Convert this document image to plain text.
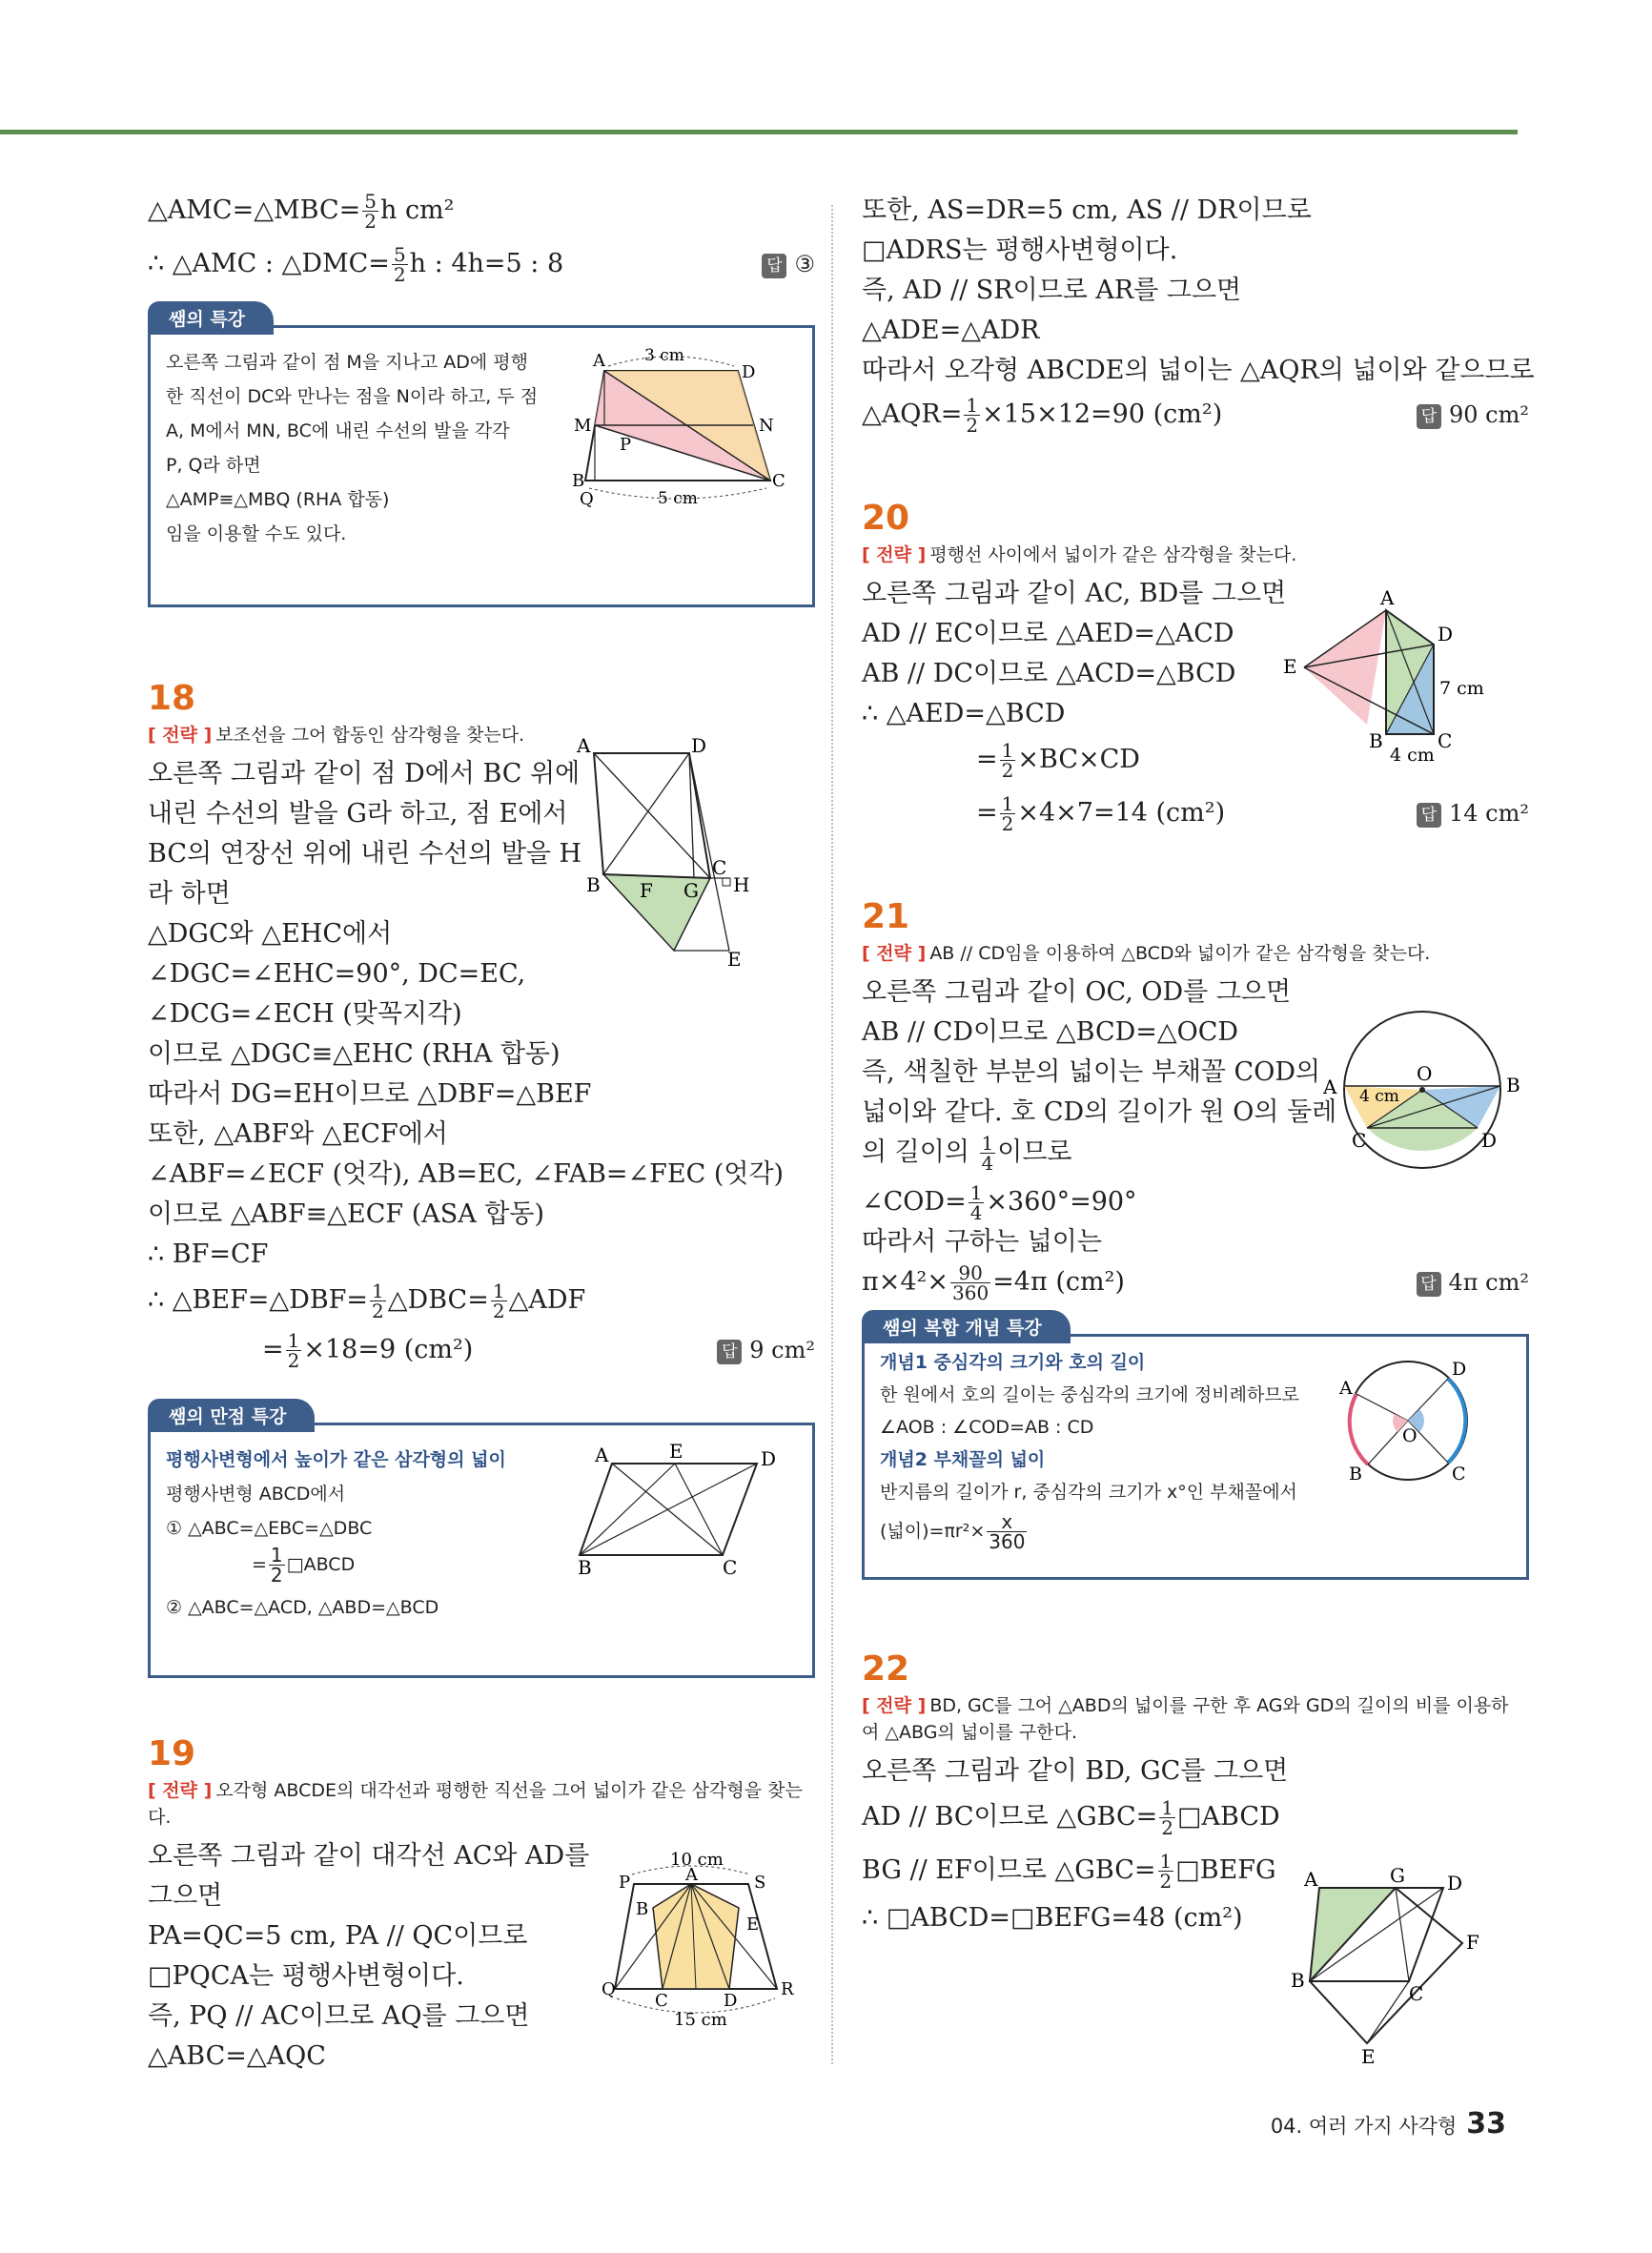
△AMC=△MBC= $\frac{5}{2}$ h cm²

∴ △AMC : △DMC= $\frac{5}{2}$ h : 4h=5 : 8	답 ③

쌤의 특강
오른쪽 그림과 같이 점 M을 지나고 AD에 평행
한 직선이 DC와 만나는 점을 N이라 하고, 두 점
A, M에서 MN, BC에 내린 수선의 발을 각각
P, Q라 하면
△AMP≡△MBQ (RHA 합동)
임을 이용할 수도 있다.
A
D
M	N
P
B
Q
C
3 cm
5 cm
18
[ 전략 ] 보조선을 그어 합동인 삼각형을 찾는다.

오른쪽 그림과 같이 점 D에서 BC 위에

내린 수선의 발을 G라 하고, 점 E에서

BC의 연장선 위에 내린 수선의 발을 H

라 하면

△DGC와 △EHC에서

∠DGC=∠EHC=90°, DC=EC,

∠DCG=∠ECH (맞꼭지각)

이므로 △DGC≡△EHC (RHA 합동)

따라서 DG=EH이므로 △DBF=△BEF

또한, △ABF와 △ECF에서

∠ABF=∠ECF (엇각), AB=EC, ∠FAB=∠FEC (엇각)

이므로 △ABF≡△ECF (ASA 합동)

∴ BF=CF

∴ △BEF=△DBF= $\frac{1}{2}$ △DBC= $\frac{1}{2}$ △ADF

= $\frac{1}{2} \times 18=9$ (cm²)	답 9 cm²

A	D
B F G
C
H
E
쌤의 만점 특강
평행사변형에서 높이가 같은 삼각형의 넓이
평행사변형 ABCD에서
① △ABC=△EBC=△DBC
= $\frac{1}{2}$ □ABCD
② △ABC=△ACD, △ABD=△BCD
A	E	D
B	C
19
[ 전략 ] 오각형 ABCDE의 대각선과 평행한 직선을 그어 넓이가 같은 삼각형을 찾는다.

오른쪽 그림과 같이 대각선 AC와 AD를

그으면

PA=QC=5 cm, PA // QC이므로

□PQCA는 평행사변형이다.

즉, PQ // AC이므로 AQ를 그으면

△ABC=△AQC

10 cm
P	A	S
B
E
Q
C	D
R
15 cm

또한, AS=DR=5 cm, AS // DR이므로

□ADRS는 평행사변형이다.

즉, AD // SR이므로 AR를 그으면

△ADE=△ADR

따라서 오각형 ABCDE의 넓이는 △AQR의 넓이와 같으므로

△AQR= $\frac{1}{2} \times 15\times 12=90$ (cm²)	답 90 cm²

20
[ 전략 ] 평행선 사이에서 넓이가 같은 삼각형을 찾는다.

오른쪽 그림과 같이 AC, BD를 그으면

AD // EC이므로 △AED=△ACD

AB // DC이므로 △ACD=△BCD

∴ △AED=△BCD

= $\frac{1}{2} \times BC\times CD$

= $\frac{1}{2} \times 4\times 7=14$ (cm²)	답 14 cm²

A
D
E
B	C
7 cm
4 cm
21
[ 전략 ] AB // CD임을 이용하여 △BCD와 넓이가 같은 삼각형을 찾는다.

오른쪽 그림과 같이 OC, OD를 그으면

AB // CD이므로 △BCD=△OCD

즉, 색칠한 부분의 넓이는 부채꼴 COD의

넓이와 같다. 호 CD의 길이가 원 O의 둘레

의 길이의 $\frac{1}{4}$ 이므로

∠COD= $\frac{1}{4} \times 360^\circ=90^\circ$

따라서 구하는 넓이는

$\pi\times 4^2\times \frac{90}{360} =4\pi$ (cm²)	답 4π cm²

A
O	B
C	D
4 cm
쌤의 복합 개념 특강
개념1 중심각의 크기와 호의 길이
한 원에서 호의 길이는 중심각의 크기에 정비례하므로
∠AOB : ∠COD=AB : CD
개념2 부채꼴의 넓이
반지름의 길이가 r, 중심각의 크기가 x°인 부채꼴에서
(넓이)$=\pi r^2\times \frac{x}{360}$
A
B	C
D
O
22
[ 전략 ] BD, GC를 그어 △ABD의 넓이를 구한 후 AG와 GD의 길이의 비를 이용하여 △ABG의 넓이를 구한다.

오른쪽 그림과 같이 BD, GC를 그으면

AD // BC이므로 △GBC= $\frac{1}{2}$ □ABCD

BG // EF이므로 △GBC= $\frac{1}{2}$ □BEFG

∴ □ABCD=□BEFG=48 (cm²)

A	G D
F
B
C
E
04. 여러 가지 사각형 33
